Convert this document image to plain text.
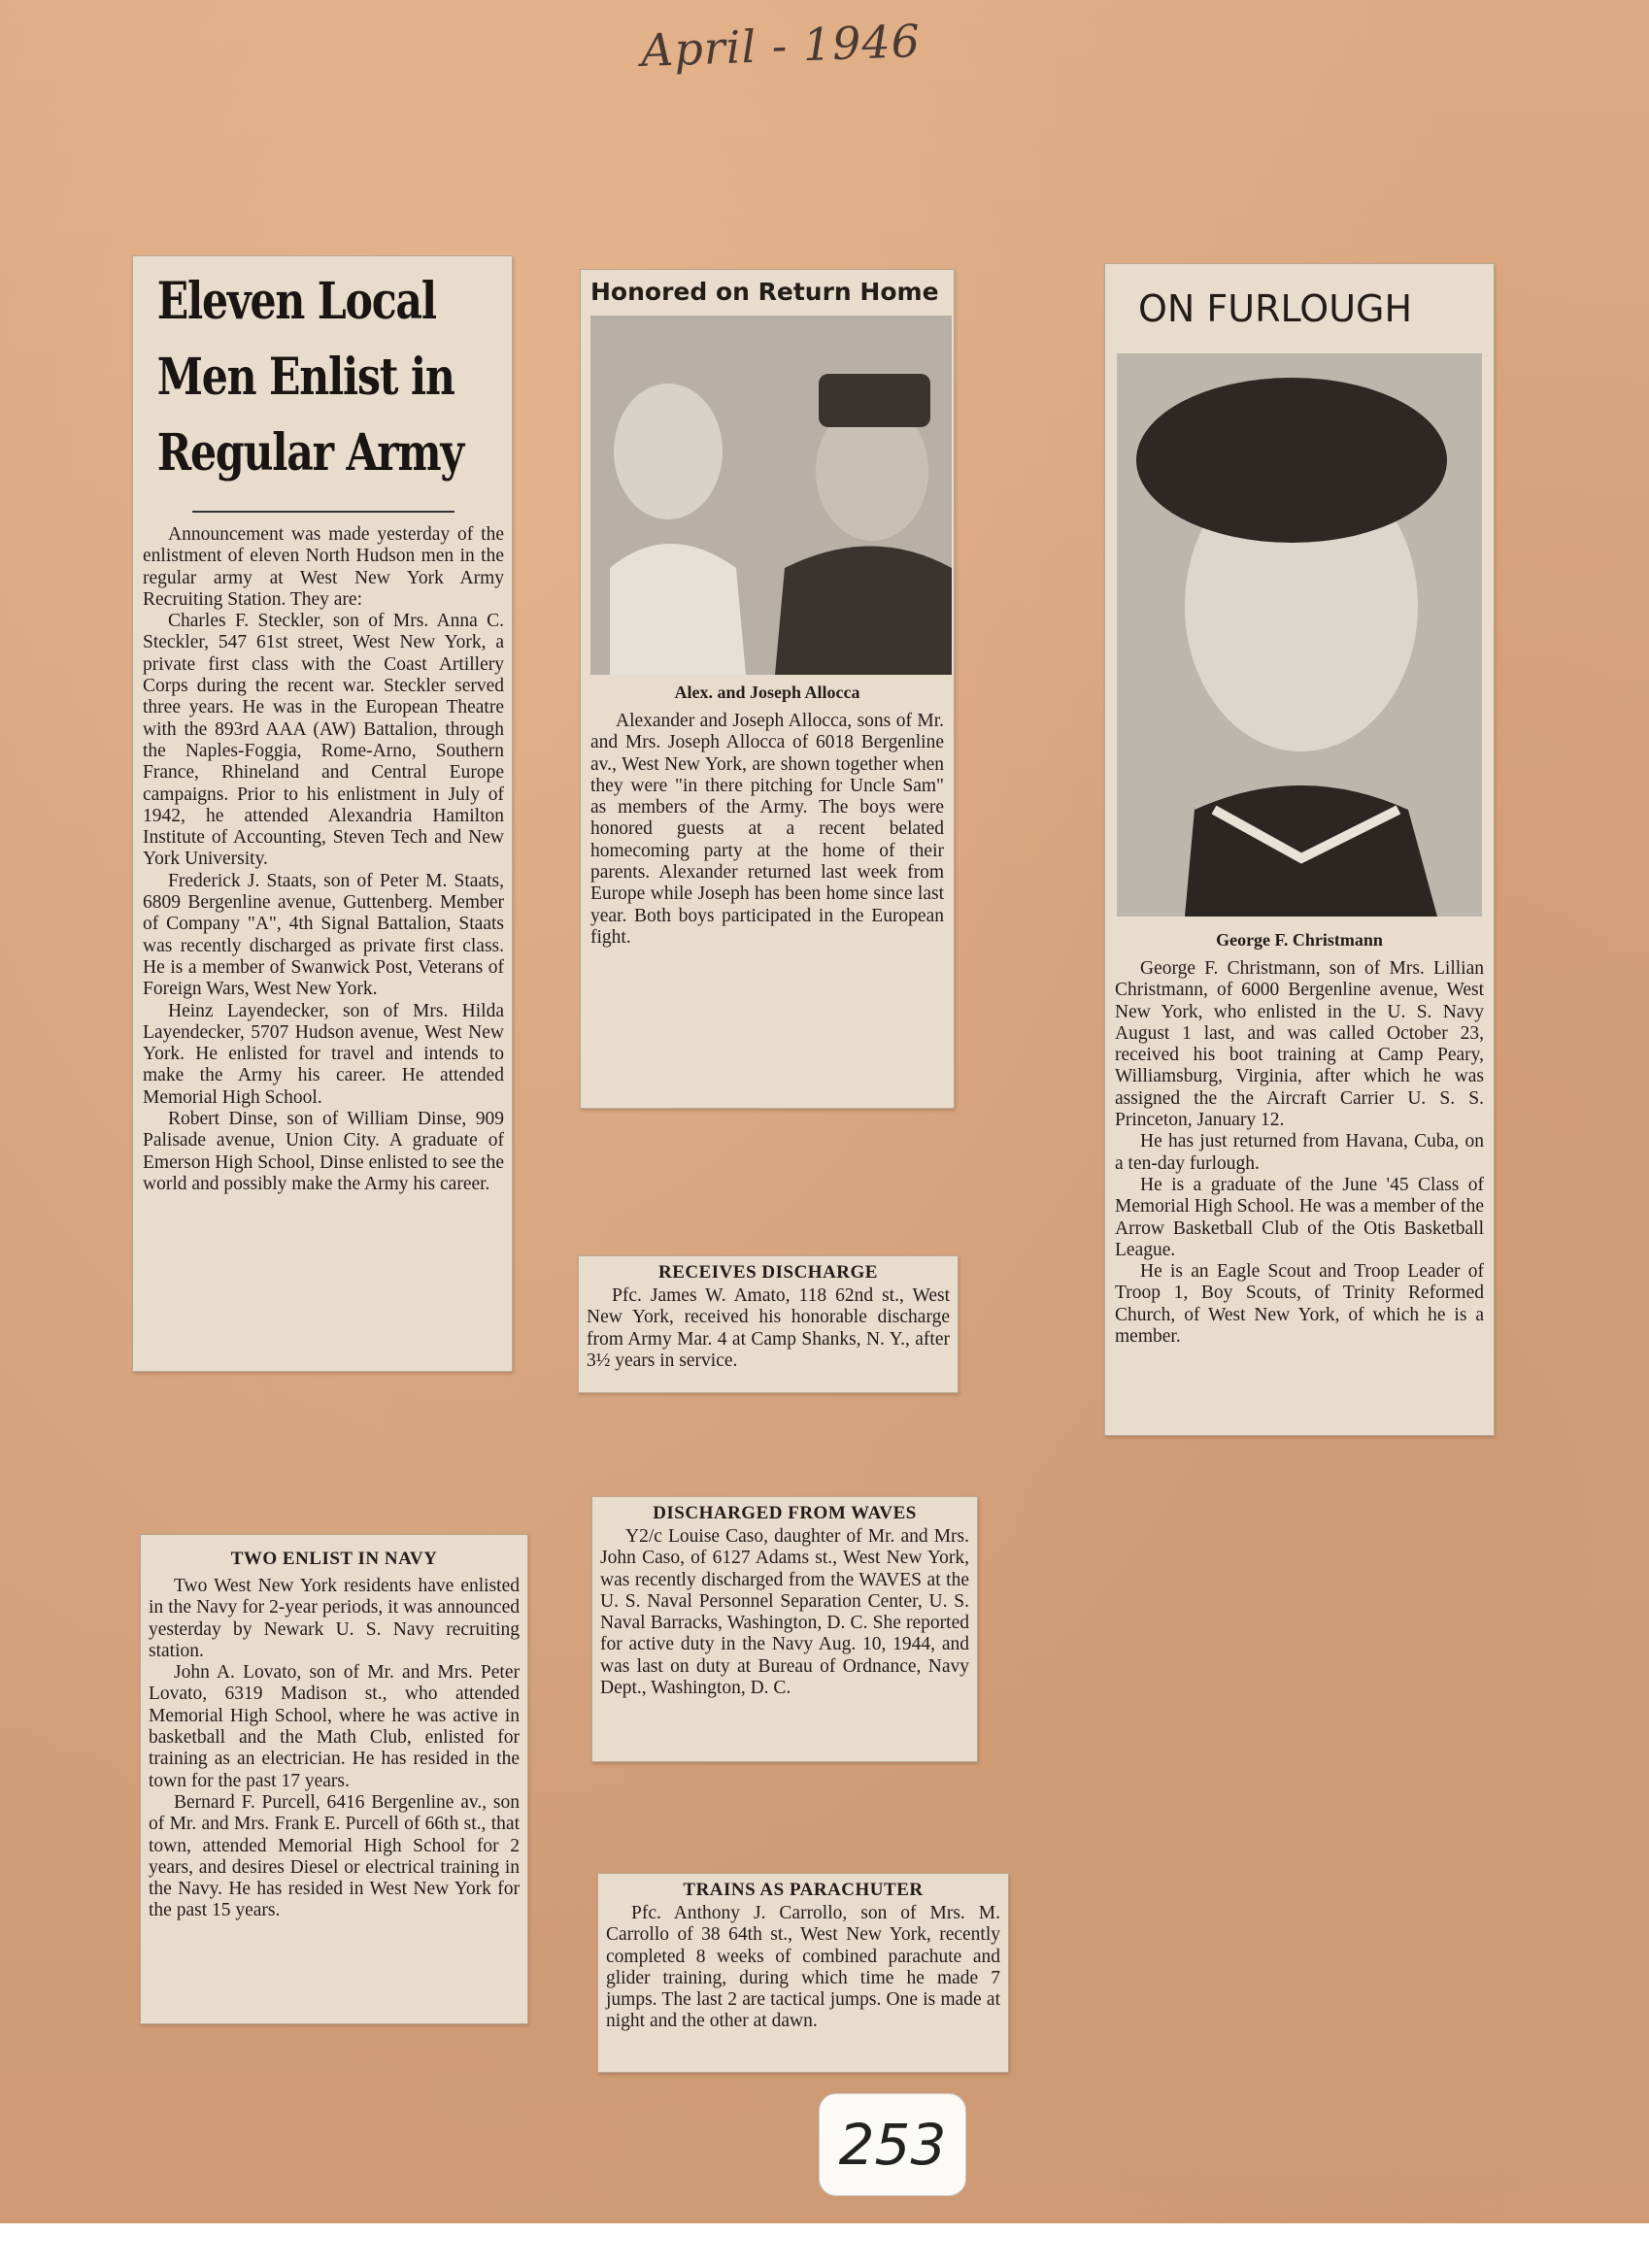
April - 1946
Eleven Local
Men Enlist in
Regular Army

Announcement was made yesterday of the enlistment of eleven North Hudson men in the regular army at West New York Army Recruiting Station. They are:

Charles F. Steckler, son of Mrs. Anna C. Steckler, 547 61st street, West New York, a private first class with the Coast Artillery Corps during the recent war. Steckler served three years. He was in the European Theatre with the 893rd AAA (AW) Battalion, through the Naples-Foggia, Rome-Arno, Southern France, Rhineland and Central Europe campaigns. Prior to his enlistment in July of 1942, he attended Alexandria Hamilton Institute of Accounting, Steven Tech and New York University.

Frederick J. Staats, son of Peter M. Staats, 6809 Bergenline avenue, Guttenberg. Member of Company "A", 4th Signal Battalion, Staats was recently discharged as private first class. He is a member of Swanwick Post, Veterans of Foreign Wars, West New York.

Heinz Layendecker, son of Mrs. Hilda Layendecker, 5707 Hudson avenue, West New York. He enlisted for travel and intends to make the Army his career. He attended Memorial High School.

Robert Dinse, son of William Dinse, 909 Palisade avenue, Union City. A graduate of Emerson High School, Dinse enlisted to see the world and possibly make the Army his career.

Honored on Return Home
Alex. and Joseph Allocca

Alexander and Joseph Allocca, sons of Mr. and Mrs. Joseph Allocca of 6018 Bergenline av., West New York, are shown together when they were "in there pitching for Uncle Sam" as members of the Army. The boys were honored guests at a recent belated homecoming party at the home of their parents. Alexander returned last week from Europe while Joseph has been home since last year. Both boys participated in the European fight.

ON FURLOUGH
George F. Christmann

George F. Christmann, son of Mrs. Lillian Christmann, of 6000 Bergenline avenue, West New York, who enlisted in the U. S. Navy August 1 last, and was called October 23, received his boot training at Camp Peary, Williamsburg, Virginia, after which he was assigned the the Aircraft Carrier U. S. S. Princeton, January 12.

He has just returned from Havana, Cuba, on a ten-day furlough.

He is a graduate of the June '45 Class of Memorial High School. He was a member of the Arrow Basketball Club of the Otis Basketball League.

He is an Eagle Scout and Troop Leader of Troop 1, Boy Scouts, of Trinity Reformed Church, of West New York, of which he is a member.

RECEIVES DISCHARGE

Pfc. James W. Amato, 118 62nd st., West New York, received his honorable discharge from Army Mar. 4 at Camp Shanks, N. Y., after 3½ years in service.

TWO ENLIST IN NAVY

Two West New York residents have enlisted in the Navy for 2-year periods, it was announced yesterday by Newark U. S. Navy recruiting station.

John A. Lovato, son of Mr. and Mrs. Peter Lovato, 6319 Madison st., who attended Memorial High School, where he was active in basketball and the Math Club, enlisted for training as an electrician. He has resided in the town for the past 17 years.

Bernard F. Purcell, 6416 Bergenline av., son of Mr. and Mrs. Frank E. Purcell of 66th st., that town, attended Memorial High School for 2 years, and desires Diesel or electrical training in the Navy. He has resided in West New York for the past 15 years.

DISCHARGED FROM WAVES

Y2/c Louise Caso, daughter of Mr. and Mrs. John Caso, of 6127 Adams st., West New York, was recently discharged from the WAVES at the U. S. Naval Personnel Separation Center, U. S. Naval Barracks, Washington, D. C. She reported for active duty in the Navy Aug. 10, 1944, and was last on duty at Bureau of Ordnance, Navy Dept., Washington, D. C.

TRAINS AS PARACHUTER

Pfc. Anthony J. Carrollo, son of Mrs. M. Carrollo of 38 64th st., West New York, recently completed 8 weeks of combined parachute and glider training, during which time he made 7 jumps. The last 2 are tactical jumps. One is made at night and the other at dawn.

253
